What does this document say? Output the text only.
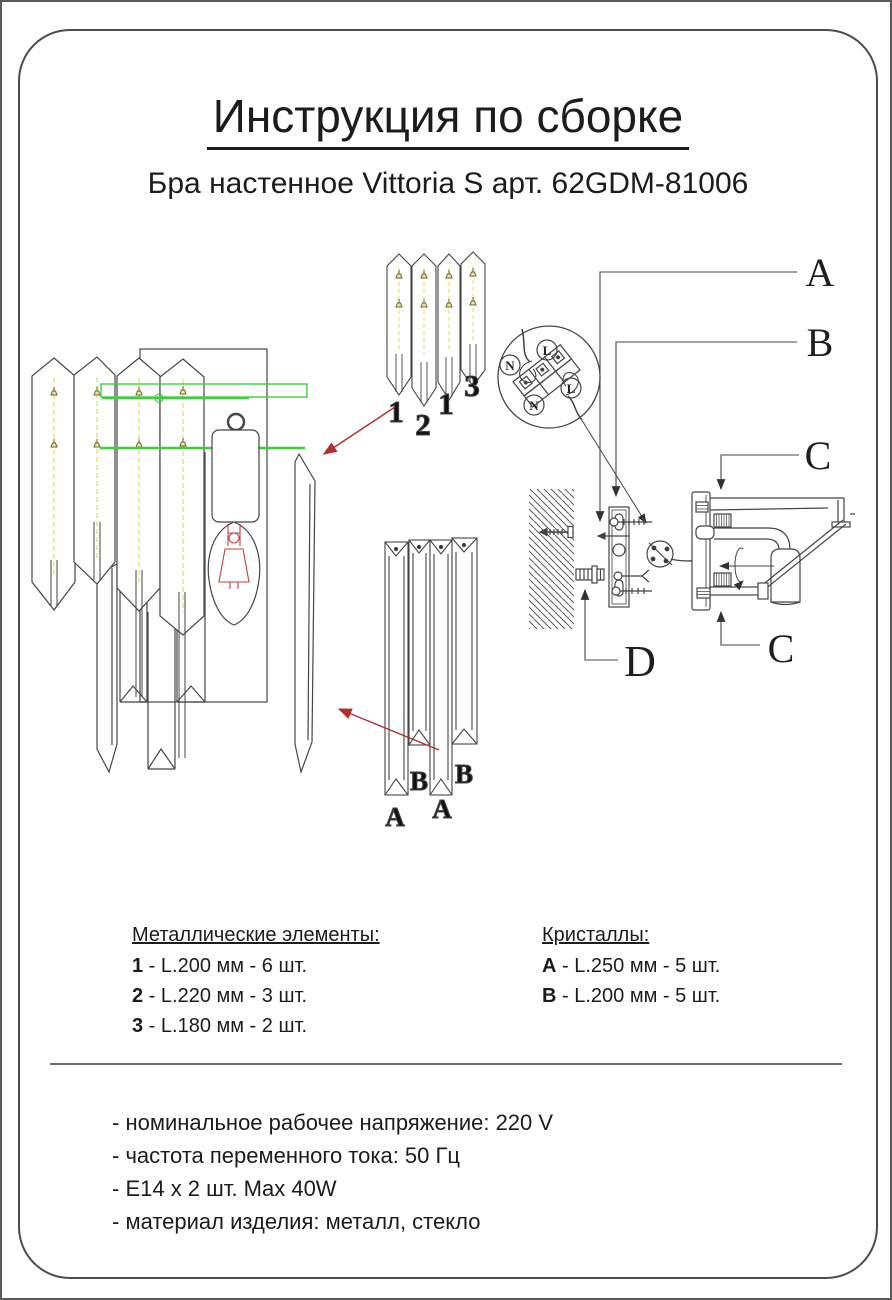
Инструкция по сборке
Бра настенное Vittoria S арт. 62GDM-81006
1 2
1
3
A
B
A
B
N
L
N
L
A
B
C
C
D
Металлические элементы:
1 - L.200 мм - 6 шт.
2 - L.220 мм - 3 шт.
3 - L.180 мм - 2 шт.
Кристаллы:
A - L.250 мм - 5 шт.
B - L.200 мм - 5 шт.
- номинальное рабочее напряжение: 220 V
- частота переменного тока: 50 Гц
- E14 x 2 шт. Max 40W
- материал изделия: металл, стекло
